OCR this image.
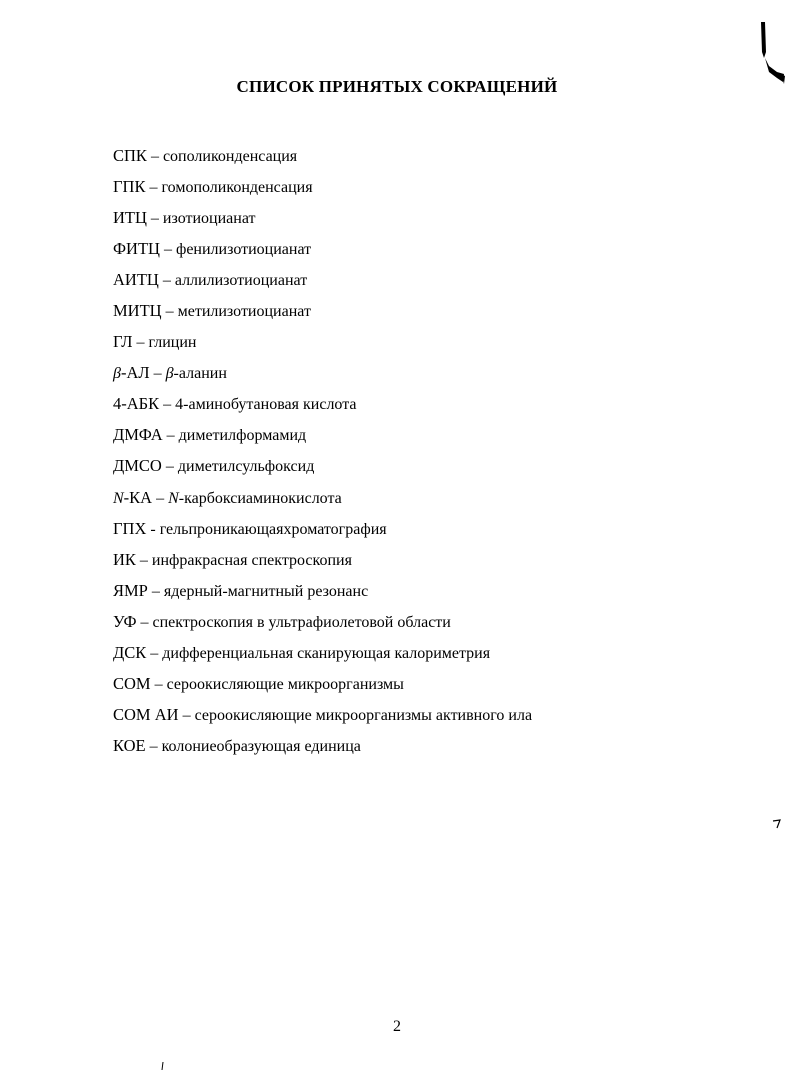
СПИСОК ПРИНЯТЫХ СОКРАЩЕНИЙ
СПК – сополиконденсация
ГПК – гомополиконденсация
ИТЦ – изотиоцианат
ФИТЦ – фенилизотиоцианат
АИТЦ – аллилизотиоцианат
МИТЦ – метилизотиоцианат
ГЛ – глицин
β-АЛ – β-аланин
4-АБК – 4-аминобутановая кислота
ДМФА – диметилформамид
ДМСО – диметилсульфоксид
N-КА – N-карбоксиаминокислота
ГПХ - гельпроникающаяхроматография
ИК – инфракрасная спектроскопия
ЯМР – ядерный-магнитный резонанс
УФ – спектроскопия в ультрафиолетовой области
ДСК – дифференциальная сканирующая калориметрия
СОМ – сероокисляющие микроорганизмы
СОМ АИ – сероокисляющие микроорганизмы активного ила
КОЕ – колониеобразующая единица
2
